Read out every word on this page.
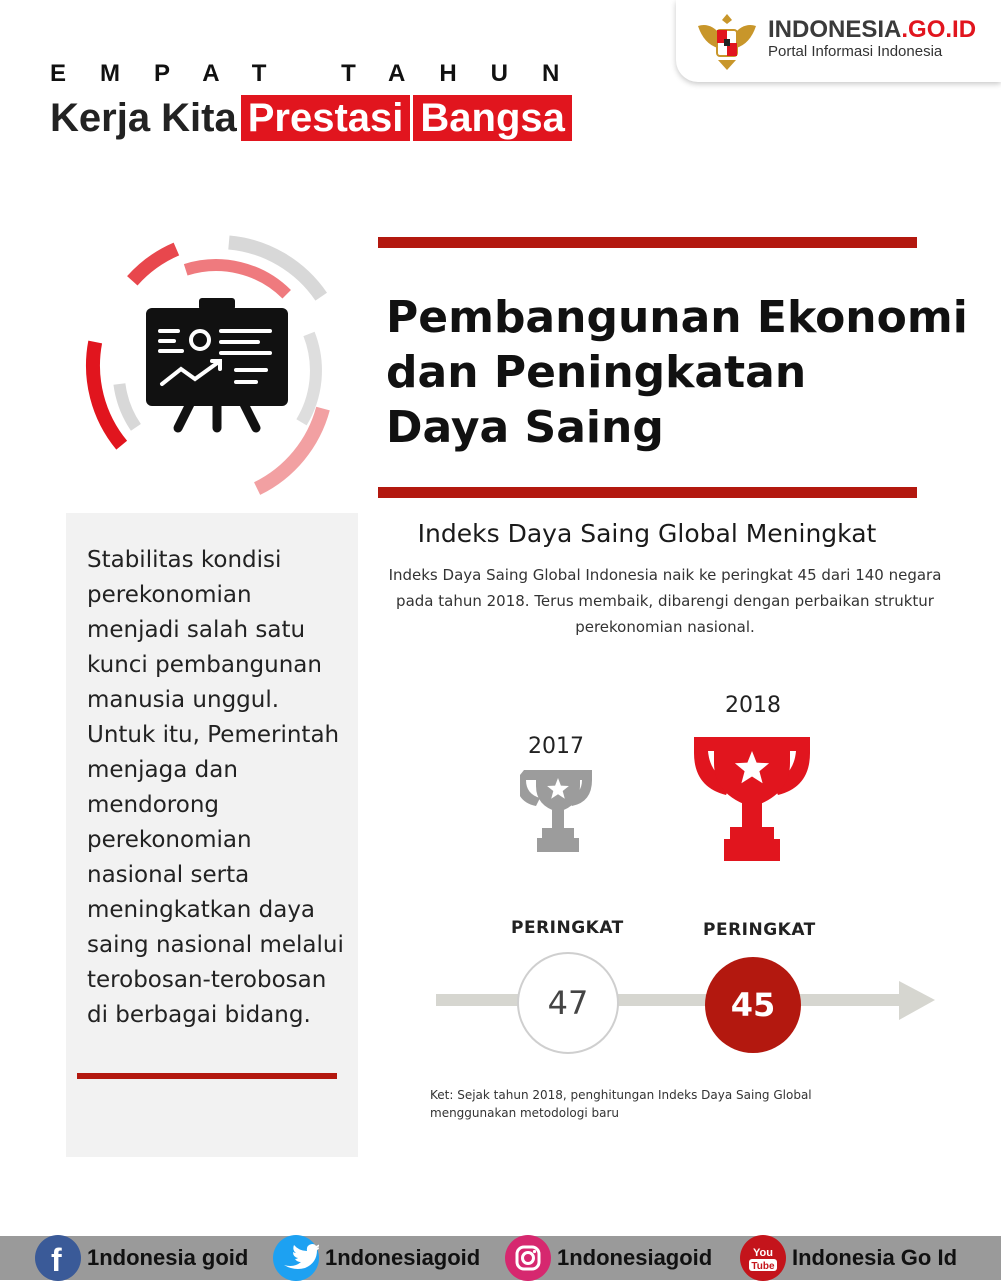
EMPAT TAHUN
Kerja Kita Prestasi Bangsa
INDONESIA.GO.ID
Portal Informasi Indonesia
Pembangunan Ekonomi
dan Peningkatan
Daya Saing
Stabilitas kondisi perekonomian menjadi salah satu kunci pembangunan manusia unggul. Untuk itu, Pemerintah menjaga dan mendorong perekonomian nasional serta meningkatkan daya saing nasional melalui terobosan-terobosan di berbagai bidang.
Indeks Daya Saing Global Meningkat
Indeks Daya Saing Global Indonesia naik ke peringkat 45 dari 140 negara pada tahun 2018. Terus membaik, dibarengi dengan perbaikan struktur perekonomian nasional.
2017
2018
PERINGKAT	PERINGKAT
47	45
Ket: Sejak tahun 2018, penghitungan Indeks Daya Saing Global menggunakan metodologi baru
f 1ndonesia goid	1ndonesiagoid	1ndonesiagoid	You
Tube Indonesia Go Id
